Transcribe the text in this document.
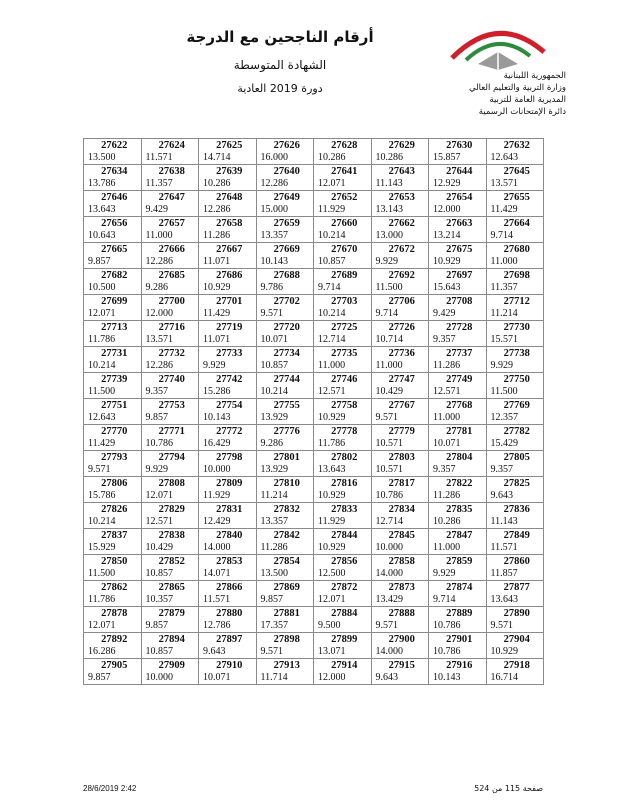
أرقام الناجحين مع الدرجة
الشهادة المتوسطة
دورة 2019 العادية
الجمهورية اللبنانية
وزارة التربية والتعليم العالي
المديرية العامة للتربية
دائرة الإمتحانات الرسمية
27622
13.500	27624
11.571	27625
14.714	27626
16.000	27628
10.286	27629
10.286	27630
15.857	27632
12.643

27634
13.786	27638
11.357	27639
10.286	27640
12.286	27641
12.071	27643
11.143	27644
12.929	27645
13.571

27646
13.643	27647
9.429	27648
12.286	27649
15.000	27652
11.929	27653
13.143	27654
12.000	27655
11.429

27656
10.643	27657
11.000	27658
11.286	27659
13.357	27660
10.214	27662
13.000	27663
13.214	27664
9.714

27665
9.857	27666
12.286	27667
11.071	27669
10.143	27670
10.857	27672
9.929	27675
10.929	27680
11.000

27682
10.500	27685
9.286	27686
10.929	27688
9.786	27689
9.714	27692
11.500	27697
15.643	27698
11.357

27699
12.071	27700
12.000	27701
11.429	27702
9.571	27703
10.214	27706
9.714	27708
9.429	27712
11.214

27713
11.786	27716
13.571	27719
11.071	27720
10.071	27725
12.714	27726
10.714	27728
9.357	27730
15.571

27731
10.214	27732
12.286	27733
9.929	27734
10.857	27735
11.000	27736
11.000	27737
11.286	27738
9.929

27739
11.500	27740
9.357	27742
15.286	27744
10.214	27746
12.571	27747
10.429	27749
12.571	27750
11.500

27751
12.643	27753
9.857	27754
10.143	27755
13.929	27758
10.929	27767
9.571	27768
11.000	27769
12.357

27770
11.429	27771
10.786	27772
16.429	27776
9.286	27778
11.786	27779
10.571	27781
10.071	27782
15.429

27793
9.571	27794
9.929	27798
10.000	27801
13.929	27802
13.643	27803
10.571	27804
9.357	27805
9.357

27806
15.786	27808
12.071	27809
11.929	27810
11.214	27816
10.929	27817
10.786	27822
11.286	27825
9.643

27826
10.214	27829
12.571	27831
12.429	27832
13.357	27833
11.929	27834
12.714	27835
10.286	27836
11.143

27837
15.929	27838
10.429	27840
14.000	27842
11.286	27844
10.929	27845
10.000	27847
11.000	27849
11.571

27850
11.500	27852
10.857	27853
14.071	27854
13.500	27856
12.500	27858
14.000	27859
9.929	27860
11.857

27862
11.786	27865
10.357	27866
11.571	27869
9.857	27872
12.071	27873
13.429	27874
9.714	27877
13.643

27878
12.071	27879
9.857	27880
12.786	27881
17.357	27884
9.500	27888
9.571	27889
10.786	27890
9.571

27892
16.286	27894
10.857	27897
9.643	27898
9.571	27899
13.071	27900
14.000	27901
10.786	27904
10.929

27905
9.857	27909
10.000	27910
10.071	27913
11.714	27914
12.000	27915
9.643	27916
10.143	27918
16.714
28/6/2019 2:42	صفحة 115 من 524
